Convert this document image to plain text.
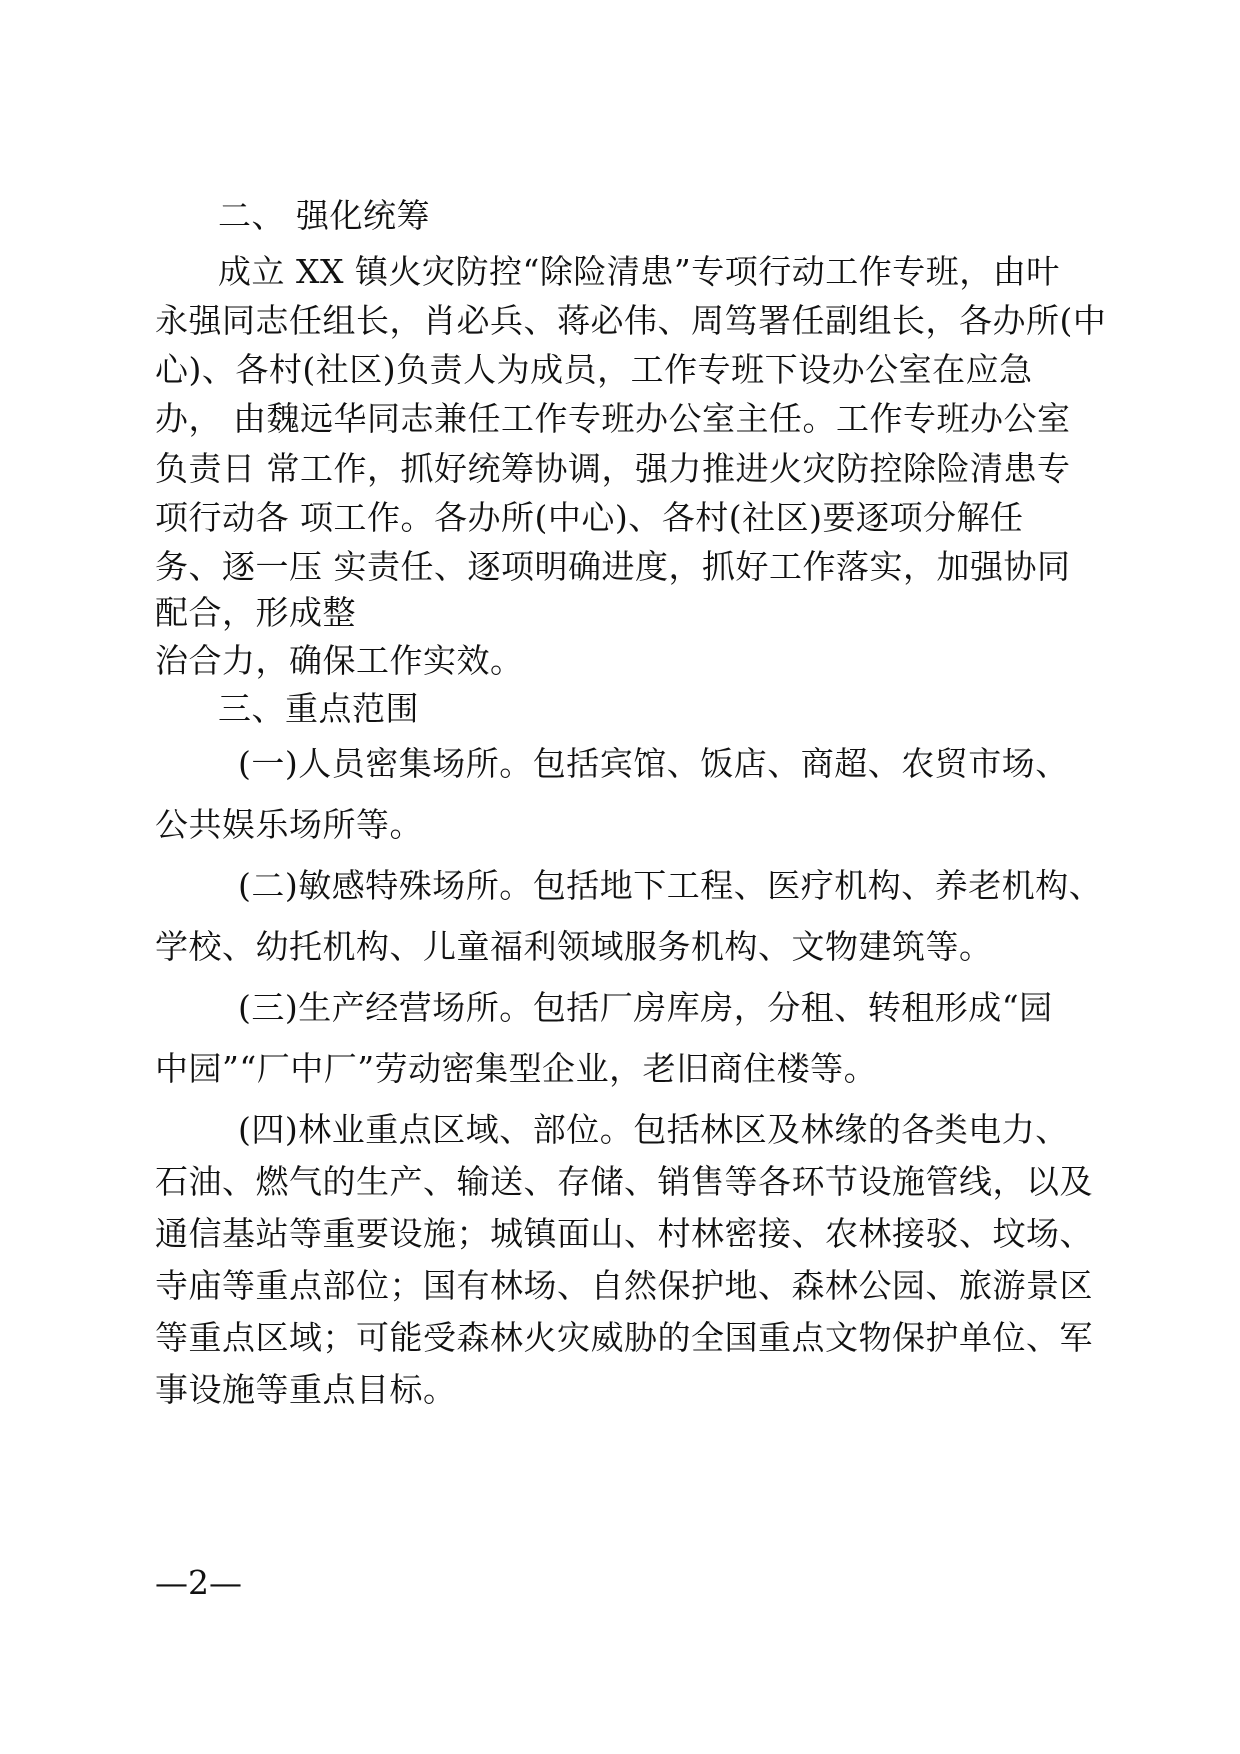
二、 强化统筹
成立 XX 镇火灾防控“除险清患”专项行动工作专班，由叶
永强同志任组长，肖必兵、蒋必伟、周笃署任副组长，各办所(中
心)、各村(社区)负责人为成员，工作专班下设办公室在应急
办， 由魏远华同志兼任工作专班办公室主任。工作专班办公室
负责日 常工作，抓好统筹协调，强力推进火灾防控除险清患专
项行动各 项工作。各办所(中心)、各村(社区)要逐项分解任
务、逐一压 实责任、逐项明确进度，抓好工作落实，加强协同
配合，形成整
治合力，确保工作实效。
三、重点范围
(一)人员密集场所。包括宾馆、饭店、商超、农贸市场、
公共娱乐场所等。
(二)敏感特殊场所。包括地下工程、医疗机构、养老机构、
学校、幼托机构、儿童福利领域服务机构、文物建筑等。
(三)生产经营场所。包括厂房库房，分租、转租形成“园
中园”“厂中厂”劳动密集型企业，老旧商住楼等。
(四)林业重点区域、部位。包括林区及林缘的各类电力、
石油、燃气的生产、输送、存储、销售等各环节设施管线，以及
通信基站等重要设施；城镇面山、村林密接、农林接驳、坟场、
寺庙等重点部位；国有林场、自然保护地、森林公园、旅游景区
等重点区域；可能受森林火灾威胁的全国重点文物保护单位、军
事设施等重点目标。
—2—
